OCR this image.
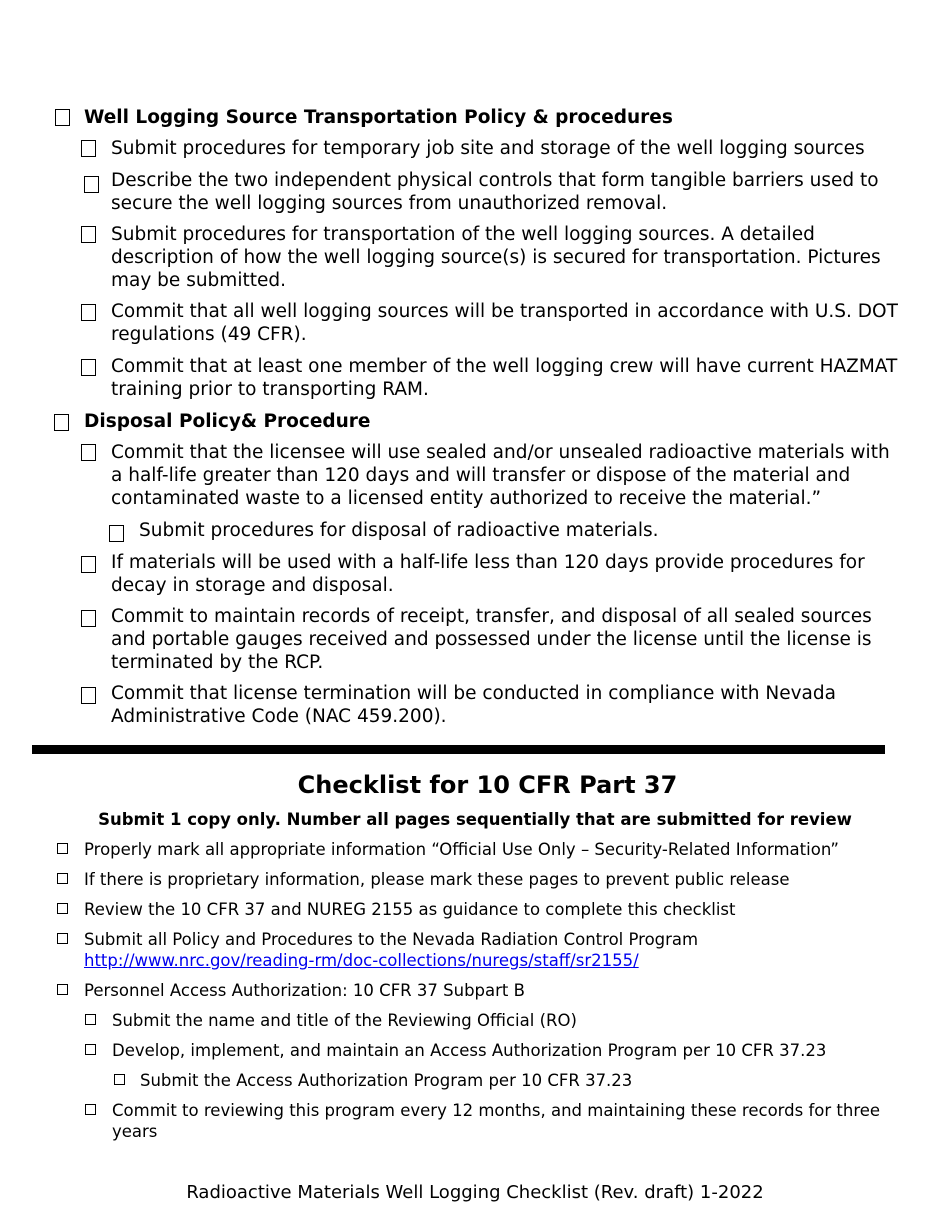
Well Logging Source Transportation Policy & procedures
Submit procedures for temporary job site and storage of the well logging sources
Describe the two independent physical controls that form tangible barriers used to secure the well logging sources from unauthorized removal.
Submit procedures for transportation of the well logging sources. A detailed description of how the well logging source(s) is secured for transportation. Pictures may be submitted.
Commit that all well logging sources will be transported in accordance with U.S. DOT regulations (49 CFR).
Commit that at least one member of the well logging crew will have current HAZMAT training prior to transporting RAM.
Disposal Policy& Procedure
Commit that the licensee will use sealed and/or unsealed radioactive materials with a half-life greater than 120 days and will transfer or dispose of the material and contaminated waste to a licensed entity authorized to receive the material.”
Submit procedures for disposal of radioactive materials.
If materials will be used with a half-life less than 120 days provide procedures for decay in storage and disposal.
Commit to maintain records of receipt, transfer, and disposal of all sealed sources and portable gauges received and possessed under the license until the license is terminated by the RCP.
Commit that license termination will be conducted in compliance with Nevada Administrative Code (NAC 459.200).
Checklist for 10 CFR Part 37
Submit 1 copy only. Number all pages sequentially that are submitted for review
Properly mark all appropriate information “Official Use Only – Security-Related Information”
If there is proprietary information, please mark these pages to prevent public release
Review the 10 CFR 37 and NUREG 2155 as guidance to complete this checklist
Submit all Policy and Procedures to the Nevada Radiation Control Program
http://www.nrc.gov/reading-rm/doc-collections/nuregs/staff/sr2155/
Personnel Access Authorization: 10 CFR 37 Subpart B
Submit the name and title of the Reviewing Official (RO)
Develop, implement, and maintain an Access Authorization Program per 10 CFR 37.23
Submit the Access Authorization Program per 10 CFR 37.23
Commit to reviewing this program every 12 months, and maintaining these records for three years
Radioactive Materials Well Logging Checklist (Rev. draft) 1-2022
